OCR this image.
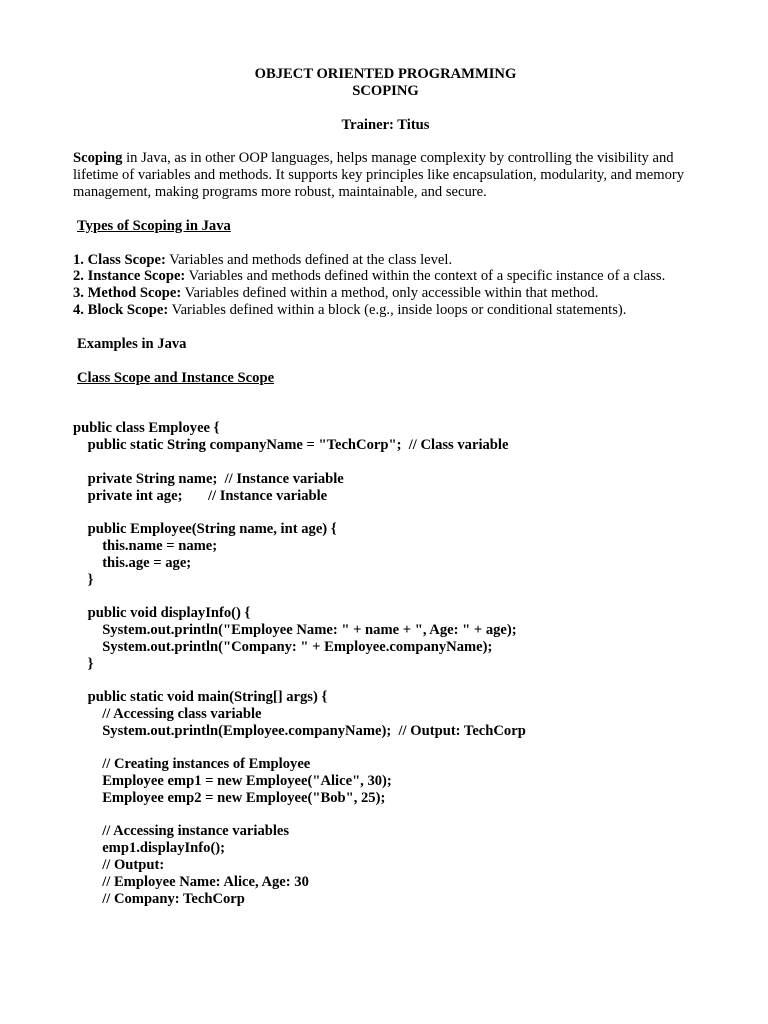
OBJECT ORIENTED PROGRAMMING
SCOPING
Trainer: Titus
Scoping in Java, as in other OOP languages, helps manage complexity by controlling the visibility and lifetime of variables and methods. It supports key principles like encapsulation, modularity, and memory management, making programs more robust, maintainable, and secure.
Types of Scoping in Java
1. Class Scope: Variables and methods defined at the class level.
2. Instance Scope: Variables and methods defined within the context of a specific instance of a class.
3. Method Scope: Variables defined within a method, only accessible within that method.
4. Block Scope: Variables defined within a block (e.g., inside loops or conditional statements).
Examples in Java
Class Scope and Instance Scope
public class Employee {
public static String companyName = "TechCorp";  // Class variable
private String name;  // Instance variable
private int age;       // Instance variable
public Employee(String name, int age) {
this.name = name;
this.age = age;
}
public void displayInfo() {
System.out.println("Employee Name: " + name + ", Age: " + age);
System.out.println("Company: " + Employee.companyName);
}
public static void main(String[] args) {
// Accessing class variable
System.out.println(Employee.companyName);  // Output: TechCorp
// Creating instances of Employee
Employee emp1 = new Employee("Alice", 30);
Employee emp2 = new Employee("Bob", 25);
// Accessing instance variables
emp1.displayInfo();
// Output:
// Employee Name: Alice, Age: 30
// Company: TechCorp
